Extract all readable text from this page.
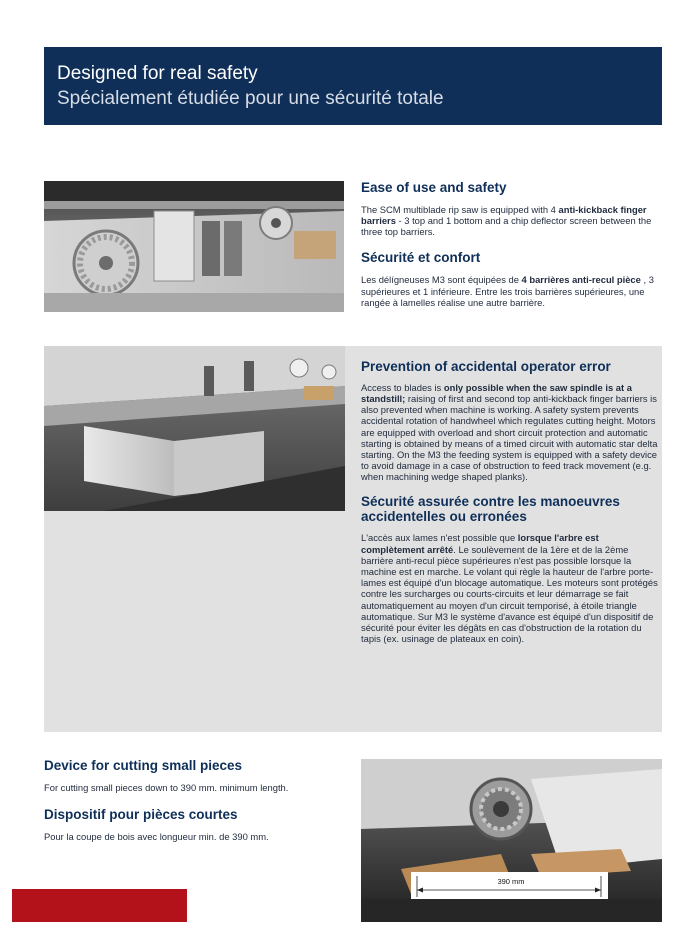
Designed for real safety
Spécialement étudiée pour une sécurité totale
Ease of use and safety

The SCM multiblade rip saw is equipped with 4 anti-kickback finger barriers - 3 top and 1 bottom and a chip deflector screen between the three top barriers.

Sécurité et confort

Les délígneuses M3 sont équipées de 4 barrières anti-recul pièce , 3 supérieures et 1 inférieure. Entre les trois barrières supérieures, une rangée à lamelles réalise une autre barrière.

Prevention of accidental operator error

Access to blades is only possible when the saw spindle is at a standstill; raising of first and second top anti-kickback finger barriers is also prevented when machine is working. A safety system prevents accidental rotation of handwheel which regulates cutting height. Motors are equipped with overload and short circuit protection and automatic starting is obtained by means of a timed circuit with automatic star delta starting. On the M3 the feeding system is equipped with a safety device to avoid damage in a case of obstruction to feed track movement (e.g. when machining wedge shaped planks).

Sécurité assurée contre les manoeuvres accidentelles ou erronées

L'accès aux lames n'est possible que lorsque l'arbre est complètement arrêté. Le soulèvement de la 1ère et de la 2ème barrière anti-recul pièce supérieures n'est pas possible lorsque la machine est en marche. Le volant qui règle la hauteur de l'arbre porte-lames est équipé d'un blocage automatique. Les moteurs sont protégés contre les surcharges ou courts-circuits et leur démarrage se fait automatiquement au moyen d'un circuit temporisé, à étoile triangle automatique. Sur M3 le système d'avance est équipé d'un dispositif de sécurité pour éviter les dégâts en cas d'obstruction de la rotation du tapis (ex. usinage de plateaux en coin).

Device for cutting small pieces

For cutting small pieces down to 390 mm. minimum length.

Dispositif pour pièces courtes

Pour la coupe de bois avec longueur min. de 390 mm.

390 mm
